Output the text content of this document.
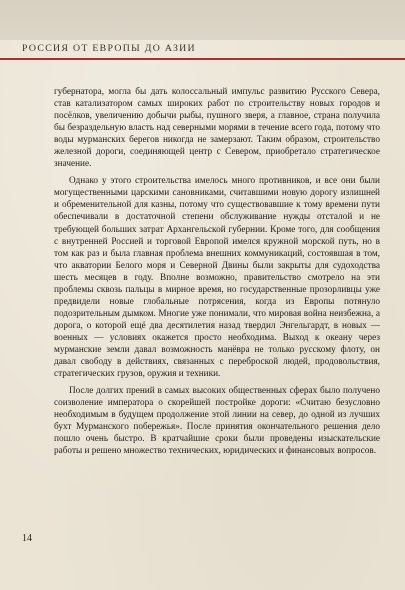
РОССИЯ ОТ ЕВРОПЫ ДО АЗИИ

губернатора, могла бы дать колоссальный импульс развитию Русского Севера, став катализатором самых широких работ по строительству новых городов и посёлков, увеличению добычи рыбы, пушного зверя, а главное, страна получила бы безраздельную власть над северными морями в течение всего года, потому что воды мурманских берегов никогда не замерзают. Таким образом, строительство железной дороги, соединяющей центр с Севером, приобретало стратегическое значение.

Однако у этого строительства имелось много противников, и все они были могущественными царскими сановниками, считавшими новую дорогу излишней и обременительной для казны, потому что существовавшие к тому времени пути обеспечивали в достаточной степени обслуживание нужды отсталой и не требующей больших затрат Архангельской губернии. Кроме того, для сообщения с внутренней Россией и торговой Европой имелся кружной морской путь, но в том как раз и была главная проблема внешних коммуникаций, состоявшая в том, что акватории Белого моря и Северной Двины были закрыты для судоходства шесть месяцев в году. Вполне возможно, правительство смотрело на эти проблемы сквозь пальцы в мирное время, но государственные прозорливцы уже предвидели новые глобальные потрясения, когда из Европы потянуло подозрительным дымком. Многие уже понимали, что мировая война неизбежна, а дорога, о которой ещё два десятилетия назад твердил Энгельгардт, в новых — военных — условиях окажется просто необходима. Выход к океану через мурманские земли давал возможность манёвра не только русскому флоту, он давал свободу в действиях, связанных с переброской людей, продовольствия, стратегических грузов, оружия и техники.

После долгих прений в самых высоких общественных сферах было получено соизволение императора о скорейшей постройке дороги: «Считаю безусловно необходимым в будущем продолжение этой линии на север, до одной из лучших бухт Мурманского побережья». После принятия окончательного решения дело пошло очень быстро. В кратчайшие сроки были проведены изыскательские работы и решено множество технических, юридических и финансовых вопросов.

14
